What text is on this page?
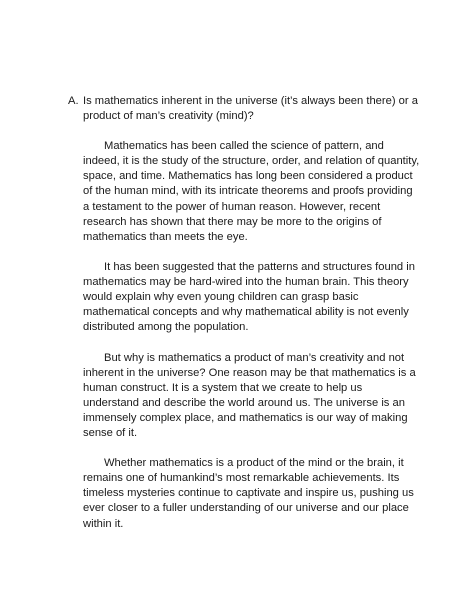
A. Is mathematics inherent in the universe (it’s always been there) or a product of man’s creativity (mind)?

Mathematics has been called the science of pattern, and indeed, it is the study of the structure, order, and relation of quantity, space, and time. Mathematics has long been considered a product of the human mind, with its intricate theorems and proofs providing a testament to the power of human reason. However, recent research has shown that there may be more to the origins of mathematics than meets the eye.

It has been suggested that the patterns and structures found in mathematics may be hard-wired into the human brain. This theory would explain why even young children can grasp basic mathematical concepts and why mathematical ability is not evenly distributed among the population.

But why is mathematics a product of man’s creativity and not inherent in the universe? One reason may be that mathematics is a human construct. It is a system that we create to help us understand and describe the world around us. The universe is an immensely complex place, and mathematics is our way of making sense of it.

Whether mathematics is a product of the mind or the brain, it remains one of humankind’s most remarkable achievements. Its timeless mysteries continue to captivate and inspire us, pushing us ever closer to a fuller understanding of our universe and our place within it.
